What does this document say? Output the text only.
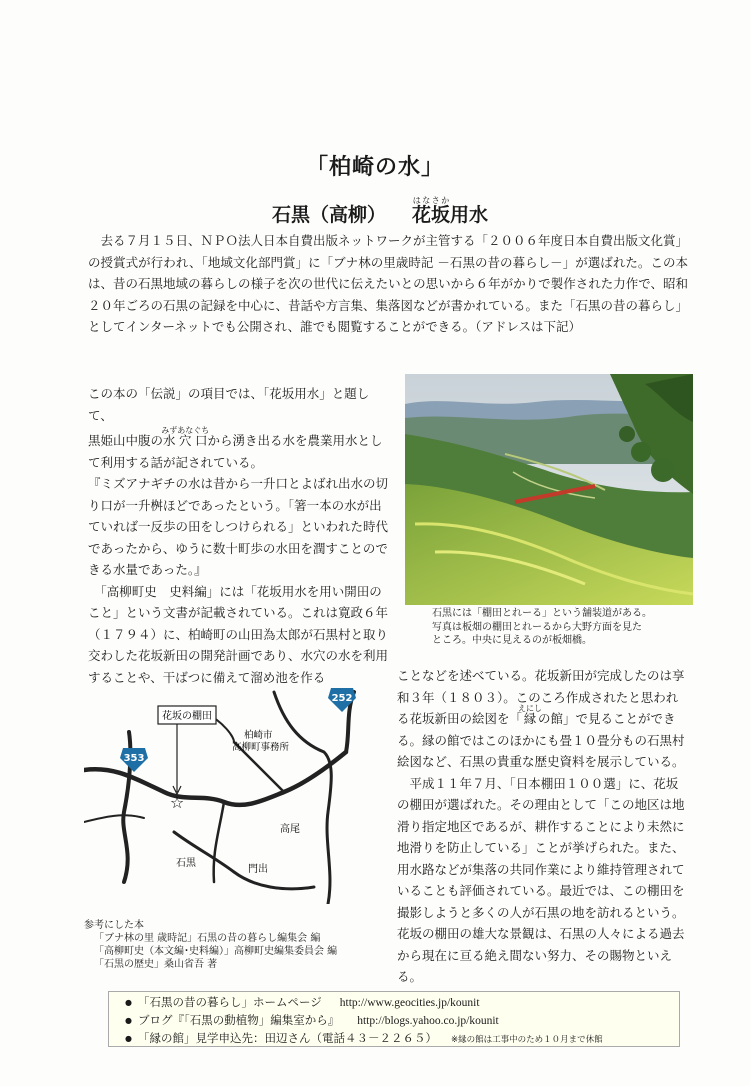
「柏崎の水」
石黒（高柳） 花坂はなさか用水

　去る７月１５日、ＮＰＯ法人日本自費出版ネットワークが主管する「２００６年度日本自費出版文化賞」の授賞式が行われ、「地域文化部門賞」に「ブナ林の里歳時記 －石黒の昔の暮らし－」が選ばれた。この本は、昔の石黒地域の暮らしの様子を次の世代に伝えたいとの思いから６年がかりで製作された力作で、昭和２０年ごろの石黒の記録を中心に、昔話や方言集、集落図などが書かれている。また「石黒の昔の暮らし」としてインターネットでも公開され、誰でも閲覧することができる。（アドレスは下記）

この本の「伝説」の項目では、「花坂用水」と題して、

黒姫山中腹の水穴口みずあなぐちから湧き出る水を農業用水として利用する話が記されている。

『ミズアナギチの水は昔から一升口とよばれ出水の切り口が一升桝ほどであったという。「箸一本の水が出ていれば一反歩の田をしつけられる」といわれた時代であったから、ゆうに数十町歩の水田を潤すことのできる水量であった。』

　「高柳町史　史料編」には「花坂用水を用い開田のこと」という文書が記載されている。これは寛政６年（１７９４）に、柏崎町の山田為太郎が石黒村と取り交わした花坂新田の開発計画であり、水穴の水を利用することや、干ばつに備えて溜め池を作る

石黒には「棚田とれーる」という舗装道がある。
写真は板畑の棚田とれーるから大野方面を見た
ところ。中央に見えるのが板畑橋。
花坂の棚田
☆
柏崎市
高柳町事務所
高尾
石黒
門出
252
353

ことなどを述べている。花坂新田が完成したのは享和３年（１８０３）。このころ作成されたと思われる花坂新田の絵図を「縁えにしの館」で見ることができる。縁の館ではこのほかにも畳１０畳分もの石黒村絵図など、石黒の貴重な歴史資料を展示している。

　平成１１年７月、「日本棚田１００選」に、花坂の棚田が選ばれた。その理由として「この地区は地滑り指定地区であるが、耕作することにより未然に地滑りを防止している」ことが挙げられた。また、用水路などが集落の共同作業により維持管理されていることも評価されている。最近では、この棚田を撮影しようと多くの人が石黒の地を訪れるという。花坂の棚田の雄大な景観は、石黒の人々による過去から現在に亘る絶え間ない努力、その賜物といえる。

参考にした本
「ブナ林の里 歳時記」石黒の昔の暮らし編集会 編
「高柳町史（本文編･史料編）」高柳町史編集委員会 編
「石黒の歴史」桑山省吾 著
● 「石黒の昔の暮らし」ホームページ http://www.geocities.jp/kounit
● ブログ『「石黒の動植物」編集室から』 http://blogs.yahoo.co.jp/kounit
● 「縁の館」見学申込先：田辺さん（電話４３－２２６５） ※縁の館は工事中のため１０月まで休館
